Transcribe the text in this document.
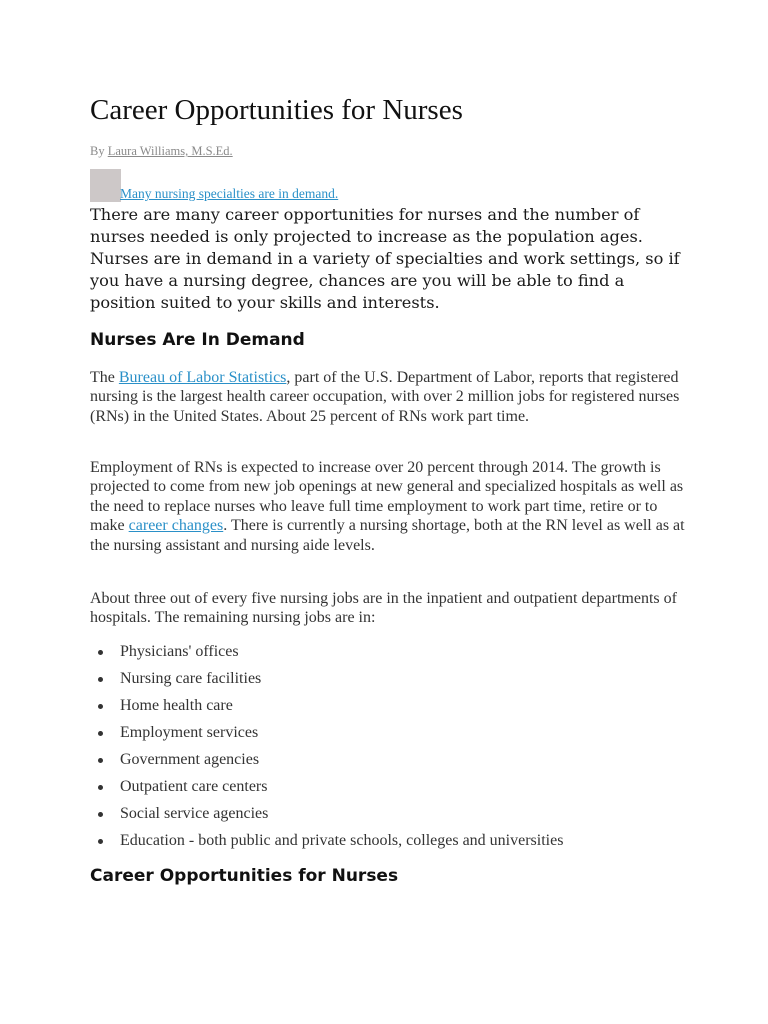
Career Opportunities for Nurses
By Laura Williams, M.S.Ed.
Many nursing specialties are in demand.

There are many career opportunities for nurses and the number of nurses needed is only projected to increase as the population ages. Nurses are in demand in a variety of specialties and work settings, so if you have a nursing degree, chances are you will be able to find a position suited to your skills and interests.

Nurses Are In Demand

The Bureau of Labor Statistics, part of the U.S. Department of Labor, reports that registered nursing is the largest health career occupation, with over 2 million jobs for registered nurses (RNs) in the United States. About 25 percent of RNs work part time.

Employment of RNs is expected to increase over 20 percent through 2014. The growth is projected to come from new job openings at new general and specialized hospitals as well as the need to replace nurses who leave full time employment to work part time, retire or to make career changes. There is currently a nursing shortage, both at the RN level as well as at the nursing assistant and nursing aide levels.

About three out of every five nursing jobs are in the inpatient and outpatient departments of hospitals. The remaining nursing jobs are in:

Physicians' offices
Nursing care facilities
Home health care
Employment services
Government agencies
Outpatient care centers
Social service agencies
Education - both public and private schools, colleges and universities
Career Opportunities for Nurses
